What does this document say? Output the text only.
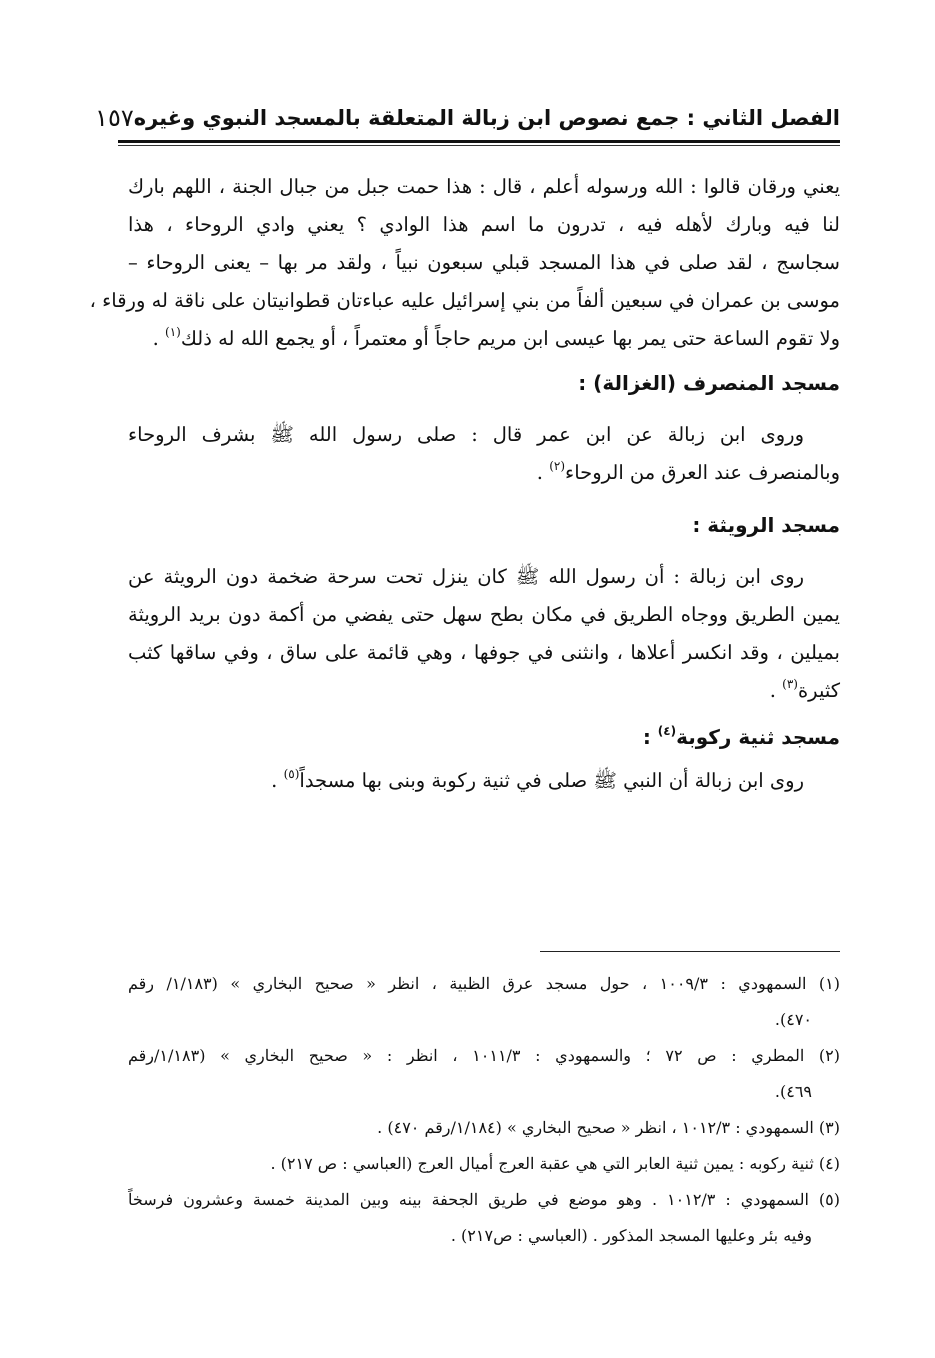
الفصل الثاني : جمع نصوص ابن زبالة المتعلقة بالمسجد النبوي وغيره
١٥٧
يعني ورقان قالوا : الله ورسوله أعلم ، قال : هذا حمت جبل من جبال الجنة ، اللهم بارك
لنا فيه وبارك لأهله فيه ، تدرون ما اسم هذا الوادي ؟ يعني وادي الروحاء ، هذا
سجاسج ، لقد صلى في هذا المسجد قبلي سبعون نبياً ، ولقد مر بها – يعنى الروحاء –
موسى بن عمران في سبعين ألفاً من بني إسرائيل عليه عباءتان قطوانيتان على ناقة له ورقاء ،
ولا تقوم الساعة حتى يمر بها عيسى ابن مريم حاجاً أو معتمراً ، أو يجمع الله له ذلك$^{(١)}$ .
مسجد المنصرف (الغزالة) :
وروى ابن زبالة عن ابن عمر قال : صلى رسول الله ﷺ بشرف الروحاء
وبالمنصرف عند العرق من الروحاء$^{(٢)}$ .
مسجد الرويثة :
روى ابن زبالة : أن رسول الله ﷺ كان ينزل تحت سرحة ضخمة دون الرويثة عن
يمين الطريق ووجاه الطريق في مكان بطح سهل حتى يفضي من أكمة دون بريد الرويثة
بميلين ، وقد انكسر أعلاها ، وانثنى في جوفها ، وهي قائمة على ساق ، وفي ساقها كثب
كثيرة$^{(٣)}$ .
مسجد ثنية ركوبة$^{(٤)}$ :
روى ابن زبالة أن النبي ﷺ صلى في ثنية ركوبة وبنى بها مسجداً$^{(٥)}$ .
(١) السمهودي : ١٠٠٩/٣ ، حول مسجد عرق الظبية ، انظر « صحيح البخاري » (١/١٨٣/ رقم
٤٧٠).
(٢) المطري : ص ٧٢ ؛ والسمهودي : ١٠١١/٣ ، انظر : « صحيح البخاري » (١/١٨٣/رقم
٤٦٩).
(٣) السمهودي : ١٠١٢/٣ ، انظر « صحيح البخاري » (١/١٨٤/رقم ٤٧٠) .
(٤) ثنية ركوبه : يمين ثنية العابر التي هي عقبة العرج أميال العرج (العباسي : ص ٢١٧) .
(٥) السمهودي : ١٠١٢/٣ . وهو موضع في طريق الجحفة بينه وبين المدينة خمسة وعشرون فرسخاً
وفيه بئر وعليها المسجد المذكور . (العباسي : ص٢١٧) .
